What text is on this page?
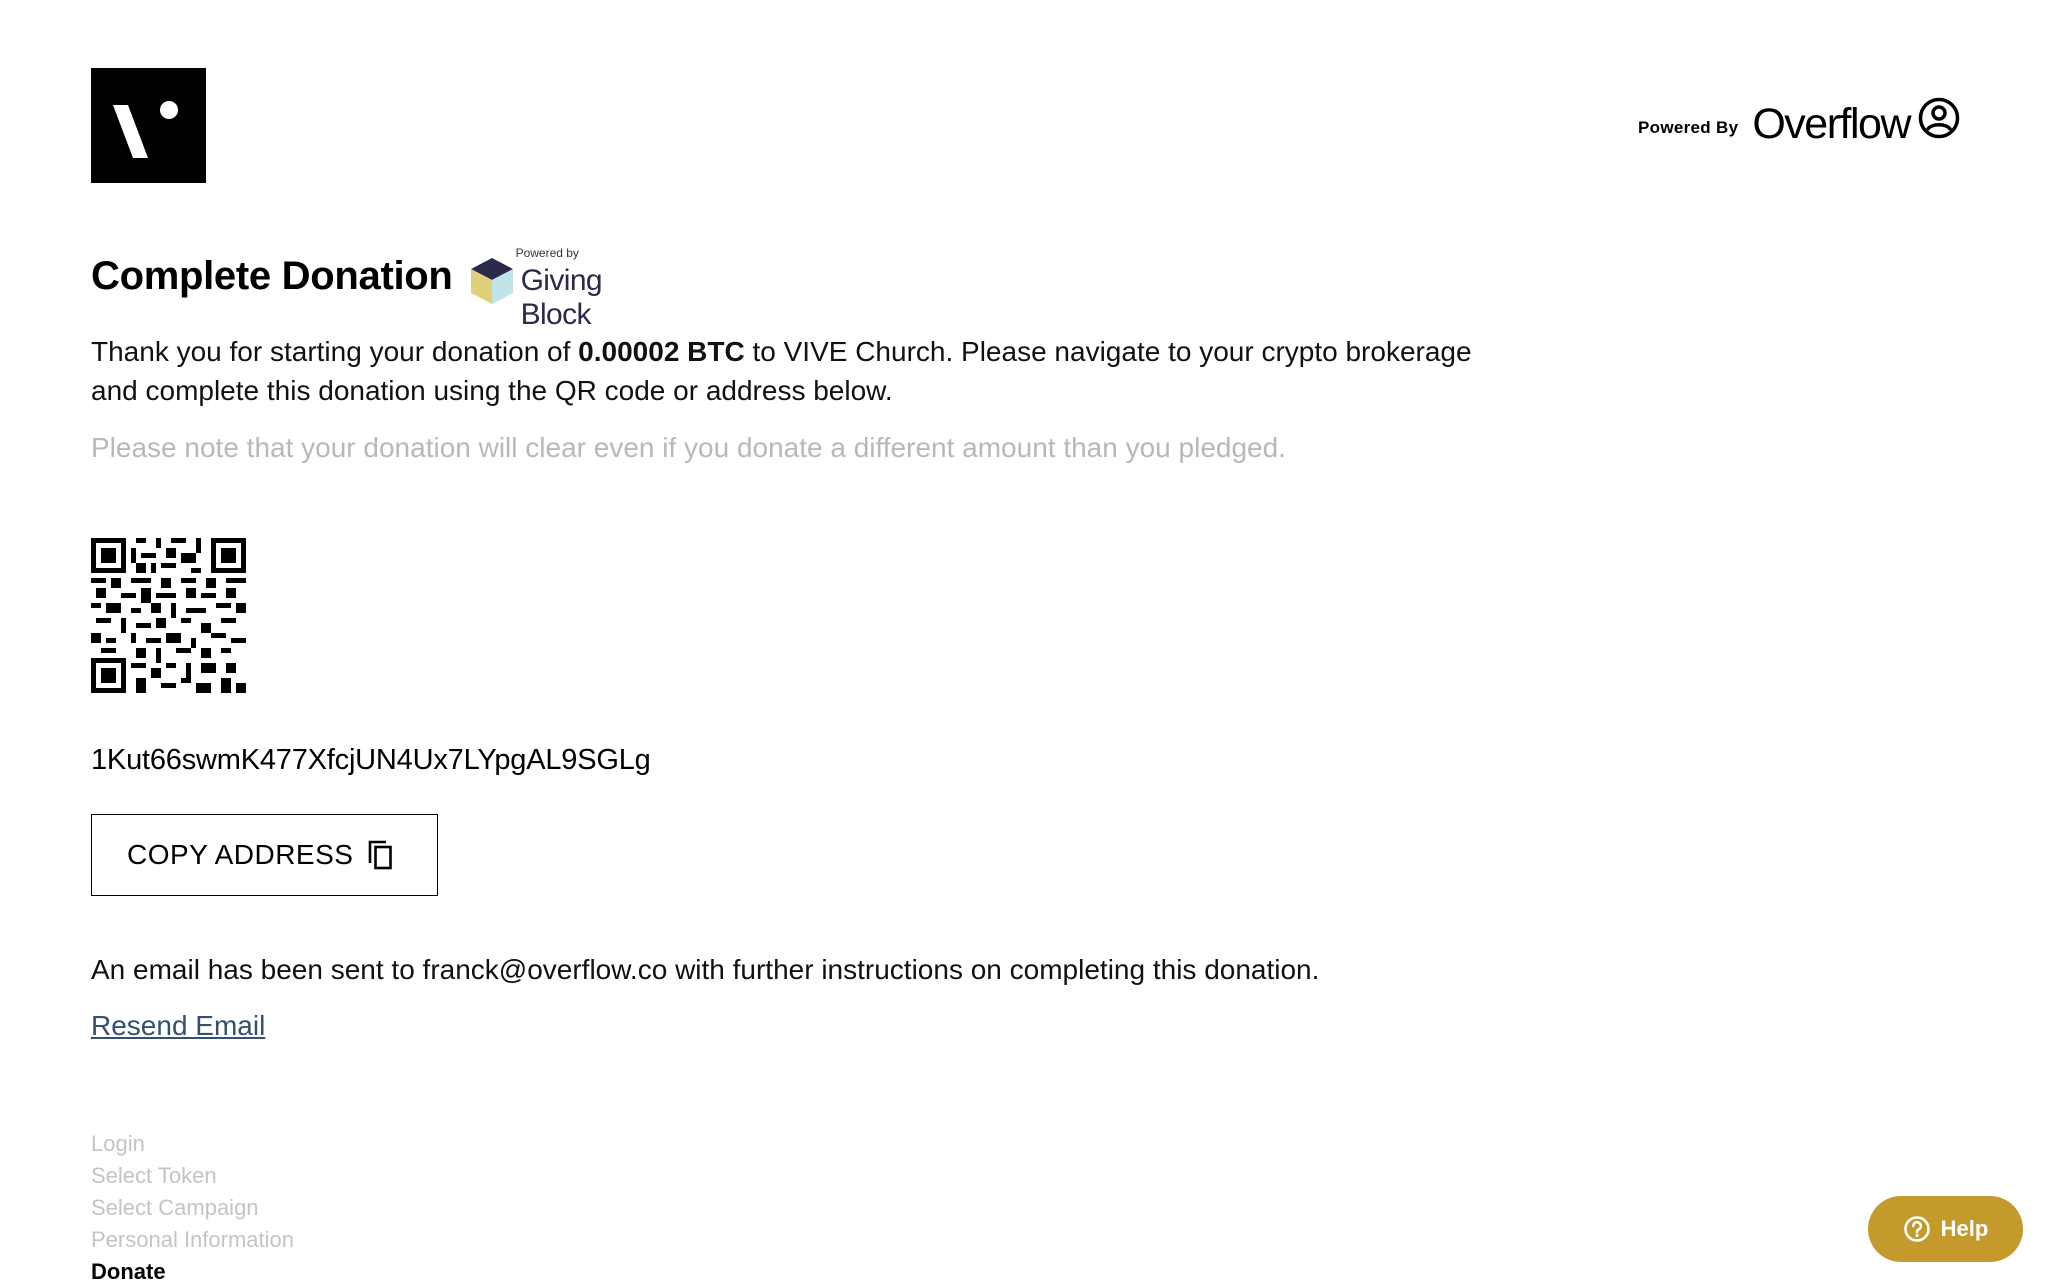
Powered By Overflow
Complete Donation
Powered by
Giving Block

Thank you for starting your donation of 0.00002 BTC to VIVE Church. Please navigate to your crypto brokerage and complete this donation using the QR code or address below.

Please note that your donation will clear even if you donate a different amount than you pledged.

1Kut66swmK477XfcjUN4Ux7LYpgAL9SGLg
COPY ADDRESS

An email has been sent to franck@overflow.co with further instructions on completing this donation.

Resend Email
Login
Select Token
Select Campaign
Personal Information
Donate
Help
